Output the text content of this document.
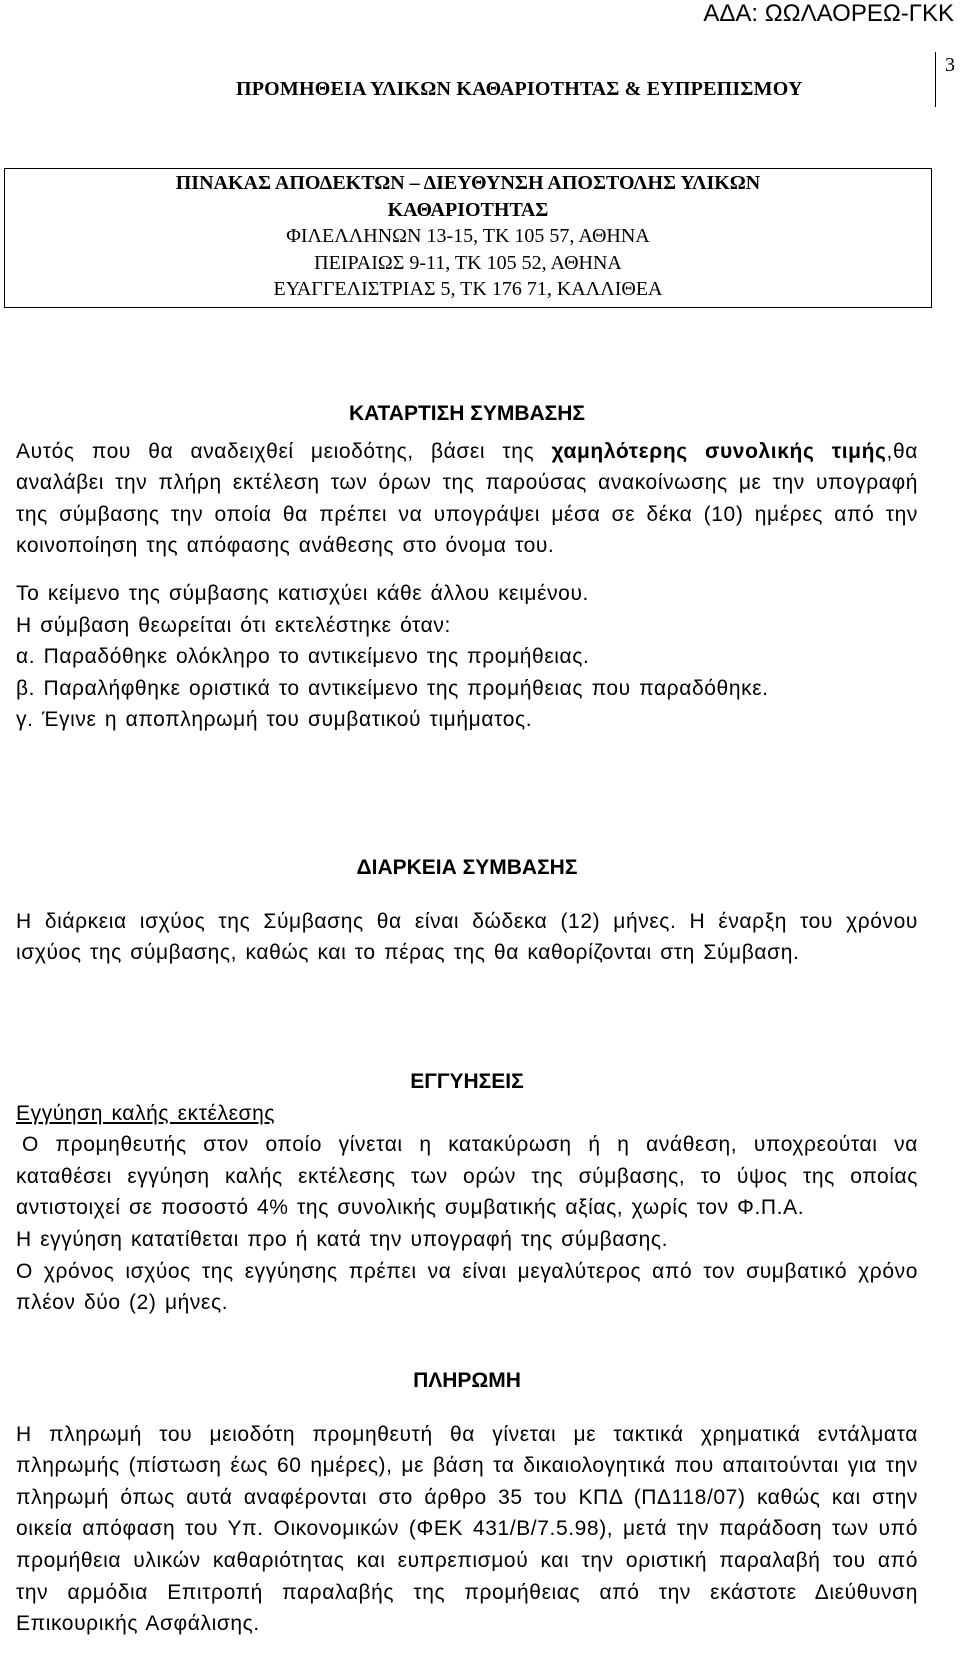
ΑΔΑ: ΩΩΛΑΟΡΕΩ-ΓΚΚ
ΠΡΟΜΗΘΕΙΑ ΥΛΙΚΩΝ ΚΑΘΑΡΙΟΤΗΤΑΣ & ΕΥΠΡΕΠΙΣΜΟΥ
3
ΠΙΝΑΚΑΣ ΑΠΟΔΕΚΤΩΝ – ΔΙΕΥΘΥΝΣΗ ΑΠΟΣΤΟΛΗΣ ΥΛΙΚΩΝ
ΚΑΘΑΡΙΟΤΗΤΑΣ
ΦΙΛΕΛΛΗΝΩΝ 13-15, ΤΚ 105 57, ΑΘΗΝΑ
ΠΕΙΡΑΙΩΣ 9-11, ΤΚ 105 52, ΑΘΗΝΑ
ΕΥΑΓΓΕΛΙΣΤΡΙΑΣ 5, ΤΚ 176 71, ΚΑΛΛΙΘΕΑ

ΚΑΤΑΡΤΙΣΗ ΣΥΜΒΑΣΗΣ

Αυτός που θα αναδειχθεί μειοδότης, βάσει της χαμηλότερης συνολικής τιμής,θα αναλάβει την πλήρη εκτέλεση των όρων της παρούσας ανακοίνωσης με την υπογραφή της σύμβασης την οποία θα πρέπει να υπογράψει μέσα σε δέκα (10) ημέρες από την κοινοποίηση της απόφασης ανάθεσης στο όνομα του.

Το κείμενο της σύμβασης κατισχύει κάθε άλλου κειμένου.

Η σύμβαση θεωρείται ότι εκτελέστηκε όταν:

α. Παραδόθηκε ολόκληρο το αντικείμενο της προμήθειας.

β. Παραλήφθηκε οριστικά το αντικείμενο της προμήθειας που παραδόθηκε.

γ. Έγινε η αποπληρωμή του συμβατικού τιμήματος.

ΔΙΑΡΚΕΙΑ ΣΥΜΒΑΣΗΣ

Η διάρκεια ισχύος της Σύμβασης θα είναι δώδεκα (12) μήνες. Η έναρξη του χρόνου ισχύος της σύμβασης, καθώς και το πέρας της θα καθορίζονται στη Σύμβαση.

ΕΓΓΥΗΣΕΙΣ

Εγγύηση καλής εκτέλεσης

Ο προμηθευτής στον οποίο γίνεται η κατακύρωση ή η ανάθεση, υποχρεούται να καταθέσει εγγύηση καλής εκτέλεσης των ορών της σύμβασης, το ύψος της οποίας αντιστοιχεί σε ποσοστό 4% της συνολικής συμβατικής αξίας, χωρίς τον Φ.Π.Α.

Η εγγύηση κατατίθεται προ ή κατά την υπογραφή της σύμβασης.

Ο χρόνος ισχύος της εγγύησης πρέπει να είναι μεγαλύτερος από τον συμβατικό χρόνο πλέον δύο (2) μήνες.

ΠΛΗΡΩΜΗ

Η πληρωμή του μειοδότη προμηθευτή θα γίνεται με τακτικά χρηματικά εντάλματα πληρωμής (πίστωση έως 60 ημέρες), με βάση τα δικαιολογητικά που απαιτούνται για την πληρωμή όπως αυτά αναφέρονται στο άρθρο 35 του ΚΠΔ (ΠΔ118/07) καθώς και στην οικεία απόφαση του Υπ. Οικονομικών (ΦΕΚ 431/Β/7.5.98), μετά την παράδοση των υπό προμήθεια υλικών καθαριότητας και ευπρεπισμού και την οριστική παραλαβή του από την αρμόδια Επιτροπή παραλαβής της προμήθειας από την εκάστοτε Διεύθυνση Επικουρικής Ασφάλισης.
